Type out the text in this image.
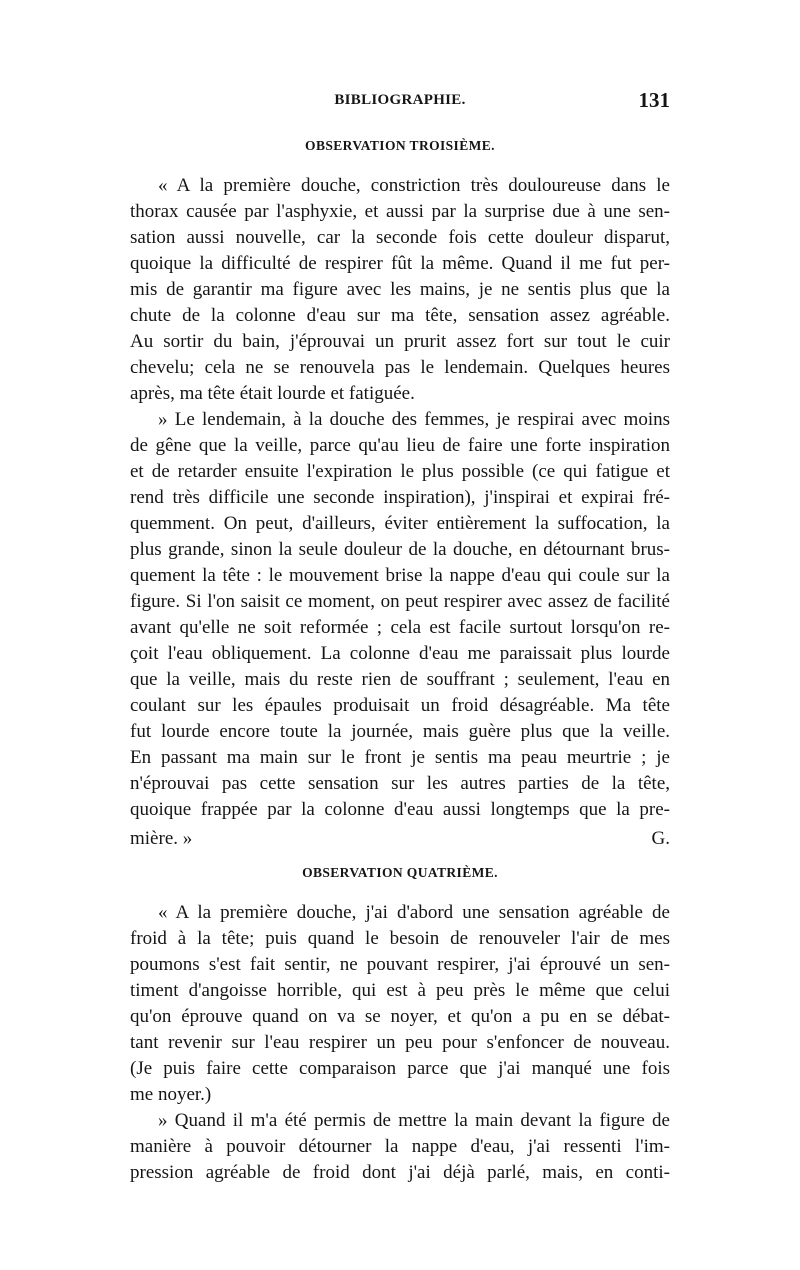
BIBLIOGRAPHIE.	131
OBSERVATION TROISIÈME.
« A la première douche, constriction très douloureuse dans le
thorax causée par l'asphyxie, et aussi par la surprise due à une sen-
sation aussi nouvelle, car la seconde fois cette douleur disparut,
quoique la difficulté de respirer fût la même. Quand il me fut per-
mis de garantir ma figure avec les mains, je ne sentis plus que la
chute de la colonne d'eau sur ma tête, sensation assez agréable.
Au sortir du bain, j'éprouvai un prurit assez fort sur tout le cuir
chevelu; cela ne se renouvela pas le lendemain. Quelques heures
après, ma tête était lourde et fatiguée.
» Le lendemain, à la douche des femmes, je respirai avec moins
de gêne que la veille, parce qu'au lieu de faire une forte inspiration
et de retarder ensuite l'expiration le plus possible (ce qui fatigue et
rend très difficile une seconde inspiration), j'inspirai et expirai fré-
quemment. On peut, d'ailleurs, éviter entièrement la suffocation, la
plus grande, sinon la seule douleur de la douche, en détournant brus-
quement la tête : le mouvement brise la nappe d'eau qui coule sur la
figure. Si l'on saisit ce moment, on peut respirer avec assez de facilité
avant qu'elle ne soit reformée ; cela est facile surtout lorsqu'on re-
çoit l'eau obliquement. La colonne d'eau me paraissait plus lourde
que la veille, mais du reste rien de souffrant ; seulement, l'eau en
coulant sur les épaules produisait un froid désagréable. Ma tête
fut lourde encore toute la journée, mais guère plus que la veille.
En passant ma main sur le front je sentis ma peau meurtrie ; je
n'éprouvai pas cette sensation sur les autres parties de la tête,
quoique frappée par la colonne d'eau aussi longtemps que la pre-
mière. »	G.
OBSERVATION QUATRIÈME.
« A la première douche, j'ai d'abord une sensation agréable de
froid à la tête; puis quand le besoin de renouveler l'air de mes
poumons s'est fait sentir, ne pouvant respirer, j'ai éprouvé un sen-
timent d'angoisse horrible, qui est à peu près le même que celui
qu'on éprouve quand on va se noyer, et qu'on a pu en se débat-
tant revenir sur l'eau respirer un peu pour s'enfoncer de nouveau.
(Je puis faire cette comparaison parce que j'ai manqué une fois
me noyer.)
» Quand il m'a été permis de mettre la main devant la figure de
manière à pouvoir détourner la nappe d'eau, j'ai ressenti l'im-
pression agréable de froid dont j'ai déjà parlé, mais, en conti-
